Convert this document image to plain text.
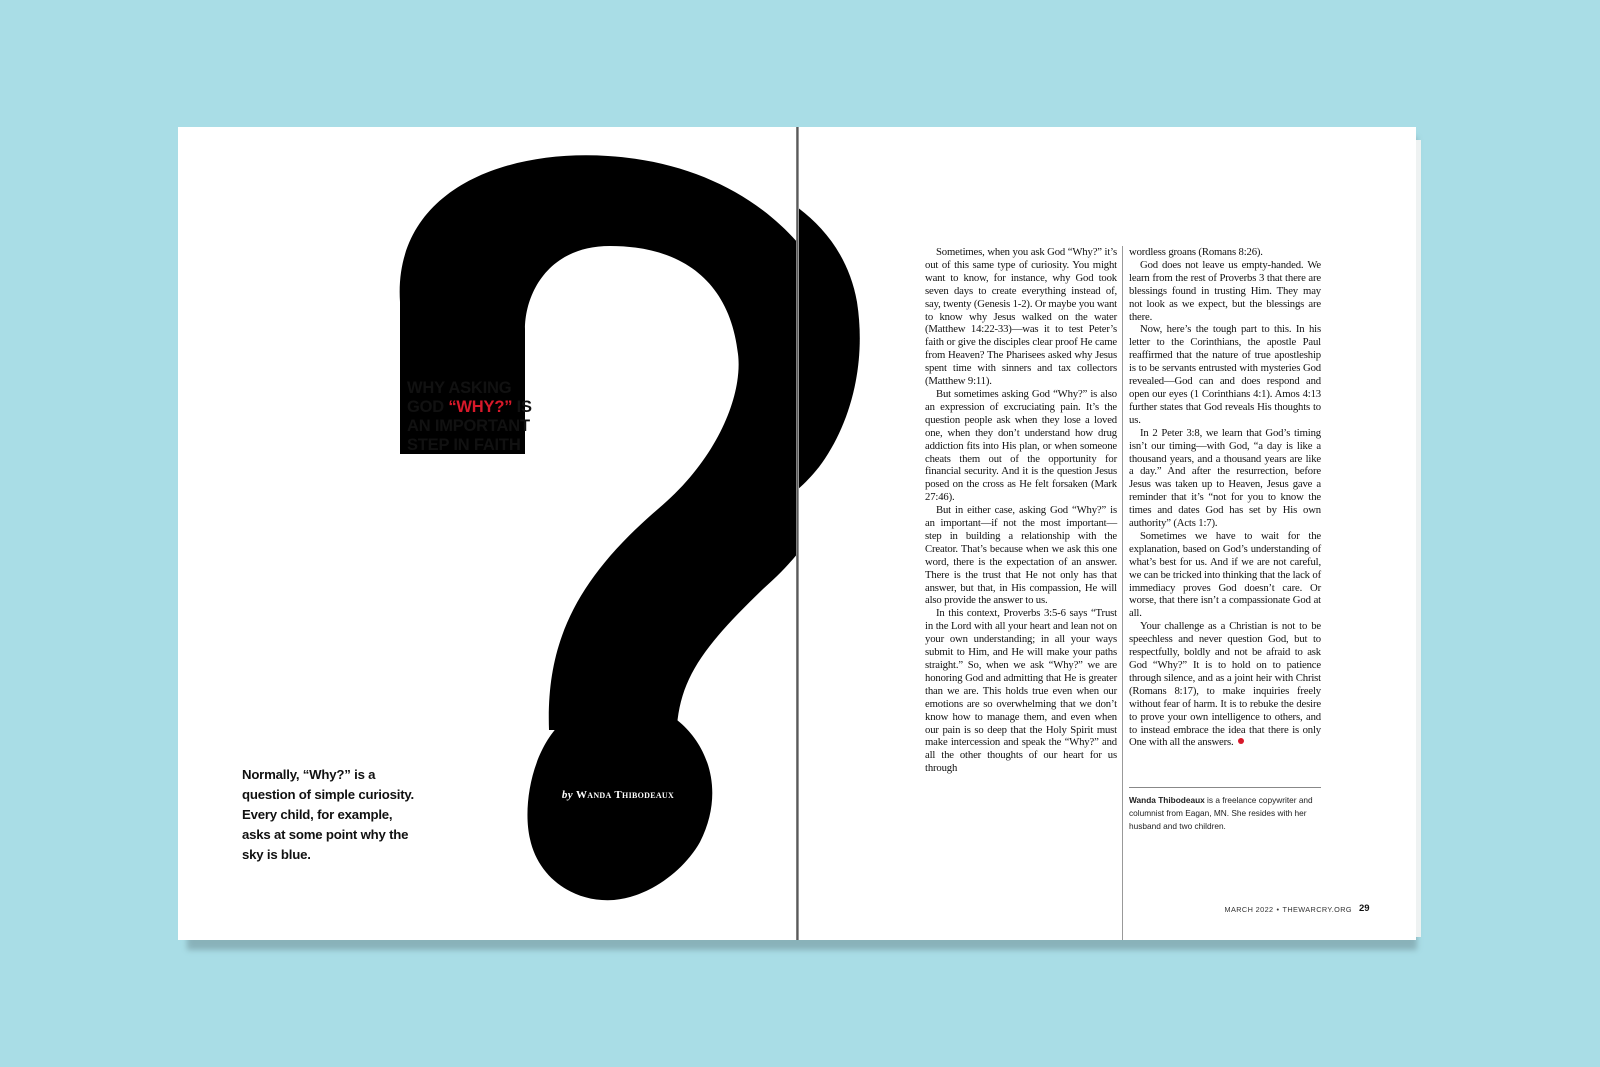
WHY ASKING
GOD “WHY?” IS
AN IMPORTANT
STEP IN FAITH
Normally, “Why?” is a question of simple curiosity. Every child, for example, asks at some point why the sky is blue.
by Wanda Thibodeaux

Sometimes, when you ask God “Why?” it’s out of this same type of curiosity. You might want to know, for instance, why God took seven days to create everything instead of, say, twenty (Genesis 1-2). Or maybe you want to know why Jesus walked on the water (Matthew 14:22-33)—was it to test Peter’s faith or give the disciples clear proof He came from Heaven? The Pharisees asked why Jesus spent time with sinners and tax collectors (Matthew 9:11).

But sometimes asking God “Why?” is also an expression of excruciating pain. It’s the question people ask when they lose a loved one, when they don’t understand how drug addiction fits into His plan, or when someone cheats them out of the opportunity for financial security. And it is the question Jesus posed on the cross as He felt forsaken (Mark 27:46).

But in either case, asking God “Why?” is an important—if not the most important—step in building a relationship with the Creator. That’s because when we ask this one word, there is the expectation of an answer. There is the trust that He not only has that answer, but that, in His compassion, He will also provide the answer to us.

In this context, Proverbs 3:5-6 says “Trust in the Lord with all your heart and lean not on your own understanding; in all your ways submit to Him, and He will make your paths straight.” So, when we ask “Why?” we are honoring God and admitting that He is greater than we are. This holds true even when our emotions are so overwhelming that we don’t know how to manage them, and even when our pain is so deep that the Holy Spirit must make intercession and speak the “Why?” and all the other thoughts of our heart for us through

wordless groans (Romans 8:26).

God does not leave us empty-handed. We learn from the rest of Proverbs 3 that there are blessings found in trusting Him. They may not look as we expect, but the blessings are there.

Now, here’s the tough part to this. In his letter to the Corinthians, the apostle Paul reaffirmed that the nature of true apostleship is to be servants entrusted with mysteries God revealed—God can and does respond and open our eyes (1 Corinthians 4:1). Amos 4:13 further states that God reveals His thoughts to us.

In 2 Peter 3:8, we learn that God’s timing isn’t our timing—with God, “a day is like a thousand years, and a thousand years are like a day.” And after the resurrection, before Jesus was taken up to Heaven, Jesus gave a reminder that it’s “not for you to know the times and dates God has set by His own authority” (Acts 1:7).

Sometimes we have to wait for the explanation, based on God’s understanding of what’s best for us. And if we are not careful, we can be tricked into thinking that the lack of immediacy proves God doesn’t care. Or worse, that there isn’t a compassionate God at all.

Your challenge as a Christian is not to be speechless and never question God, but to respectfully, boldly and not be afraid to ask God “Why?” It is to hold on to patience through silence, and as a joint heir with Christ (Romans 8:17), to make inquiries freely without fear of harm. It is to rebuke the desire to prove your own intelligence to others, and to instead embrace the idea that there is only One with all the answers.

Wanda Thibodeaux is a freelance copywriter and columnist from Eagan, MN. She resides with her husband and two children.
MARCH 2022 • THEWARCRY.ORG 29
